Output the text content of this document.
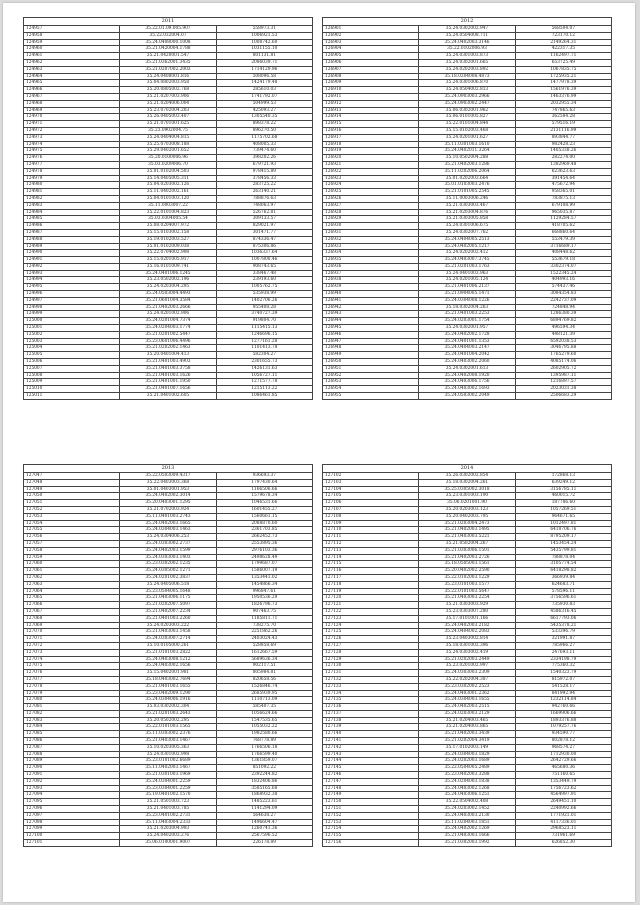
2011		
124957	35.22.01.09.005.907	558973.31
124958	35.22.032004.07	1006921.53
124959	35.24.0408000.1008	1008742.60
124960	35.21.0420004.1788	1031155.10
124961	35.21.0420001.547	801131.81
124962	35.21.0362001.3435	2086039.71
124963	35.21.0207002.2003	1714129.96
124964	35.24.0408001.816	508096.58
124965	35.04.0802003.958	1424179.48
124966	35.20.0805002.768	285610.03
124967	35.21.0207003.906	1741792.07
124968	35.21.0204006.004	504999.53
124969	35.23.0702004.203	425093.27
124970	35.26.0405003.407	1305540.35
124971	35.21.0701001.625	898378.22
124972	35.23.0902004.75	896270.50
124973	35.24.0404004.815	1175702.68
124974	35.25.0703008.188	408005.33
124975	35.29.0402001.652	739474.60
124976	35.20.0100006.96	398202.26
124977	35.03.0209006.70	679721.93
124978	35.01.0102004.503	978415.89
124979	35.14.0405005.311	378456.33
124980	35.04.0203002.126	283725.22
124981	35.11.0402002.161	263140.21
124982	35.04.0101003.120	788876.63
124983	35.11.0003007.22	748063.97
124984	35.22.0101004.823	526762.81
124985	35.03.0304005.54	309133.57
124986	35.08.0204007.972	829021.97
124987	35.15.0103002.158	301471.77
124988	35.19.0102003.527	874336.47
124989	35.01.0102009.038	875306.86
124990	35.22.0704002.998	1036337.64
124991	35.15.0201005.917	1007800.46
124992	35.16.0101009.741	908743.65
124993	35.24.0401006.1245	338467.48
124994	35.23.0502002.196	239193.60
124995	35.24.0203004.295	1005762.75
124996	35.24.0503004.4493	535938.99
124997	35.21.0601004.3584	1402706.26
124998	35.21.0402003.2666	955408.28
124999	35.24.0201002.906	3740727.39
125000	35.24.0201004.7374	919804.70
125001	35.24.0204003.1774	1115415.13
125002	35.21.0201002.5447	1246696.15
125003	35.23.0601006.4496	1277161.28
125004	35.21.0202002.1463	1101413.78
125005	35.20.0401004.413	582304.27
125006	35.21.0401003.4903	2301655.73
125007	35.21.0401003.3758	1426131.63
125008	35.21.0401003.1626	1056727.11
125009	35.21.0401001.1950	1271577.78
125010	35.21.0401007.1656	1215113.22
125011	35.21.0401002.605	1086461.85
2012		
126901	35.24.0302002.947	568504.07
126902	35.24.0504008.711	723170.12
126903	35.24.0402003.3146	2149264.31
126904	35.22.0102006.93	422317.35
126905	35.24.0301003.873	1162497.71
126906	35.24.0302001.665	653725.49
126907	35.24.0202003.892	1067835.75
126908	35.18.0204008.4873	1725935.21
126909	35.24.0301006.870	1477978.39
126910	35.24.0504002.813	1561976.39
126911	35.24.0903003.2966	1463376.99
126912	35.24.0903002.2447	2032955.34
126913	35.06.0302001.962	747865.63
126914	35.06.0101005.827	362584.28
126915	35.22.0101004.844	579516.19
126916	35.15.0102003.468	2131116.99
126917	35.24.0201001.627	893844.77
126918	35.11.0301003.1610	982428.23
126919	35.24.0402011.3264	1405338.26
126920	35.10.0502004.288	282274.00
126921	35.21.0402003.1286	1382969.48
126922	35.11.0202006.2064	623623.63
126923	35.01.0202003.664	391454.64
126924	35.01.0103003.2476	475672.94
126925	35.21.0101005.2545	958365.01
126926	35.11.0003006.246	783875.13
126927	35.21.0303003.467	679108.99
126928	35.21.0203004.876	965035.87
126929	35.21.0303005.858	1129284.57
126930	35.24.0301006.675	418705.62
126931	35.24.0302007.762	668860.64
126932	35.24.0404005.2513	553479.39
126933	35.24.0402005.1217	3716689.17
126934	35.24.0202002.412	408448.62
126935	35.24.0403007.3745	553679.18
126936	35.21.0201003.1763	3302374.07
126937	35.24.0401003.963	1522345.24
126938	35.24.0201005.124	404993.16
126939	35.21.0401006.2137	574437.46
126940	35.21.0904005.1471	3084354.83
126941	35.24.0304008.1226	2242737.09
126942	35.18.0302004.263	724848.94
126943	35.21.0401003.2253	1286380.39
126944	35.24.0203001.1754	6894769.82
126945	35.24.0302001.957	496594.34
126946	35.24.0402002.1728	448121.39
126947	35.24.0401001.1353	6592038.53
126948	35.24.0404003.2147	3046795.88
126949	35.24.0401004.2042	1765279.60
126950	35.24.0403002.2060	4085174.06
126951	35.24.0302001.613	2602905.72
126952	35.24.0402008.1920	1395987.11
126953	35.24.0403006.1756	1216897.57
126954	35.24.0403002.1693	2023031.38
126955	35.24.0503002.2049	2506683.29
2013		
127047	35.22.0503009.4317	936693.37
127048	35.22.0403003.368	1797430.64
127049	35.01.0403001.953	1166506.66
127050	35.24.0402002.3014	1579678.34
127051	35.20.0403001.1295	1046531.66
127052	35.21.0702003.924	1601455.27
127053	35.11.0401003.2743	1560661.15
127054	35.24.0402003.1665	2088870.60
127055	35.24.0304003.1463	2361703.85
127056	35.24.0304006.253	2662452.73
127057	35.24.0303002.2737	2553895.36
127058	35.24.0402003.1599	2976103.36
127059	35.24.0303003.1403	2498628.49
127060	35.23.0302002.1235	1799687.07
127061	35.24.0305002.1271	1586007.19
127062	35.24.0201002.3837	1353441.02
127063	35.24.0405006.518	1454866.34
127064	35.23.0504005.1648	996847.61
127065	35.21.0403006.1175	1950536.29
127066	35.21.0202007.5097	1826796.73
127067	35.21.0402007.2234	907463.75
127068	35.21.0401003.2260	1185811.71
127069	35.24.0203003.222	738275.70
127070	35.21.0403003.1458	2251862.26
127071	35.24.0303007.2714	2403024.43
127072	35.10.0105000.261	528858.69
127073	35.21.0101003.2822	1612667.59
127074	35.24.0403008.1212	5689636.34
127075	35.24.0403002.1656	902117.51
127076	35.15.0402001.981	805984.81
127077	35.18.0403002.7694	820658.56
127078	35.21.0401003.1655	1526846.74
127079	35.23.0402009.1290	2685939.95
127080	35.24.0304006.1916	1110713.09
127081	35.03.0302002.304	585407.35
127082	35.21.0201003.2643	1056624.66
127083	35.20.0502002.295	1547535.65
127084	35.22.0101003.1565	1055032.22
127085	35.11.0303002.2376	1982580.66
127086	35.21.0403003.1467	768778.89
127087	35.10.0203005.363	1766506.18
127088	35.24.0301002.998	1766599.40
127089	35.23.0101002.6689	1361859.07
127090	35.11.0402003.1467	851092.22
127091	35.21.0301003.1969	2392244.82
127092	35.24.0304001.2259	1832406.86
127093	35.23.0304001.2259	3585165.68
127094	35.19.0401002.1570	1868932.38
127095	35.21.0501003.723	1485223.61
127096	35.21.0401003.785	1141294.09
127097	35.23.0401002.2731	564638.27
127098	35.11.0403004.2333	1496604.47
127099	35.21.0203004.993	1260741.36
127100	35.24.0402003.276	2567596.52
127101	35.06.0100001.9007	226178.89
2014		
127102	35.26.0302002.854	172868.13
127103	35.18.0302004.261	639249.12
127104	35.25.0305002.3018	3156785.11
127105	35.23.0301003.190	460015.72
127106	35.06.0201001.90	187786.60
127107	35.20.0203003.123	1057269.51
127108	35.20.0402003.795	964671.65
127109	35.21.0203004.2473	1012497.81
127110	35.21.0402003.1495	6418706.76
127111	35.21.0403003.5221	8795209.17
127112	35.21.0502004.267	1453454.24
127113	35.21.0303006.1501	5435799.81
127114	35.21.0402003.2726	788878.04
127115	35.18.0505003.1561	3105774.54
127116	35.20.0402002.2590	6418298.82
127117	35.22.0102003.1229	366939.84
127118	35.23.0101003.1577	624683.71
127119	35.22.0101003.5647	578596.11
127120	35.21.0403003.2254	3756596.61
127121	35.21.0303003.929	735930.83
127122	35.23.0303007.280	4586316.45
127123	35.17.0101001.166	6617793.06
127124	35.24.0402003.2182	5435378.21
127125	35.24.0404002.2083	533396.79
127126	35.23.0403002.814	321991.87
127127	35.18.0301002.396	785966.27
127128	35.24.0303002.419	247693.11
127129	35.21.0202003.2449	2334198.79
127130	35.23.0201002.997	775360.32
127131	35.24.0303003.2309	1540323.79
127132	35.22.0202004.387	815972.07
127133	35.23.0302002.2523	541528.17
127134	35.24.0403001.2362	841992.94
127135	35.24.0304003.1655	1232114.84
127136	35.24.0402003.2515	942760.66
127137	35.24.0203003.2129	1669906.66
127138	35.21.0204003.465	1893376.88
127139	35.21.0204003.865	1079257.76
127140	35.21.0402003.3439	934590.77
127141	35.21.0202004.3419	802878.12
127142	35.17.0102003.149	968574.27
127143	35.24.0304003.1829	1712930.00
127144	35.24.0202003.1689	2642729.66
127145	35.22.0504005.2489	465680.36
127146	35.23.0402003.3288	751160.65
127147	35.24.0204003.1838	1353449.79
127148	35.24.0403002.1268	1756723.62
127149	35.24.0403006.1251	4564997.91
127150	35.22.0504002.408	2649451.10
127151	35.24.0203002.1452	2240992.66
127152	35.24.0403003.2130	1771921.01
127153	35.11.0204003.1851	4117336.01
127154	35.24.0402002.1269	2968523.11
127155	35.21.0403003.1666	731961.69
127156	35.21.0302003.1992	626852.30
